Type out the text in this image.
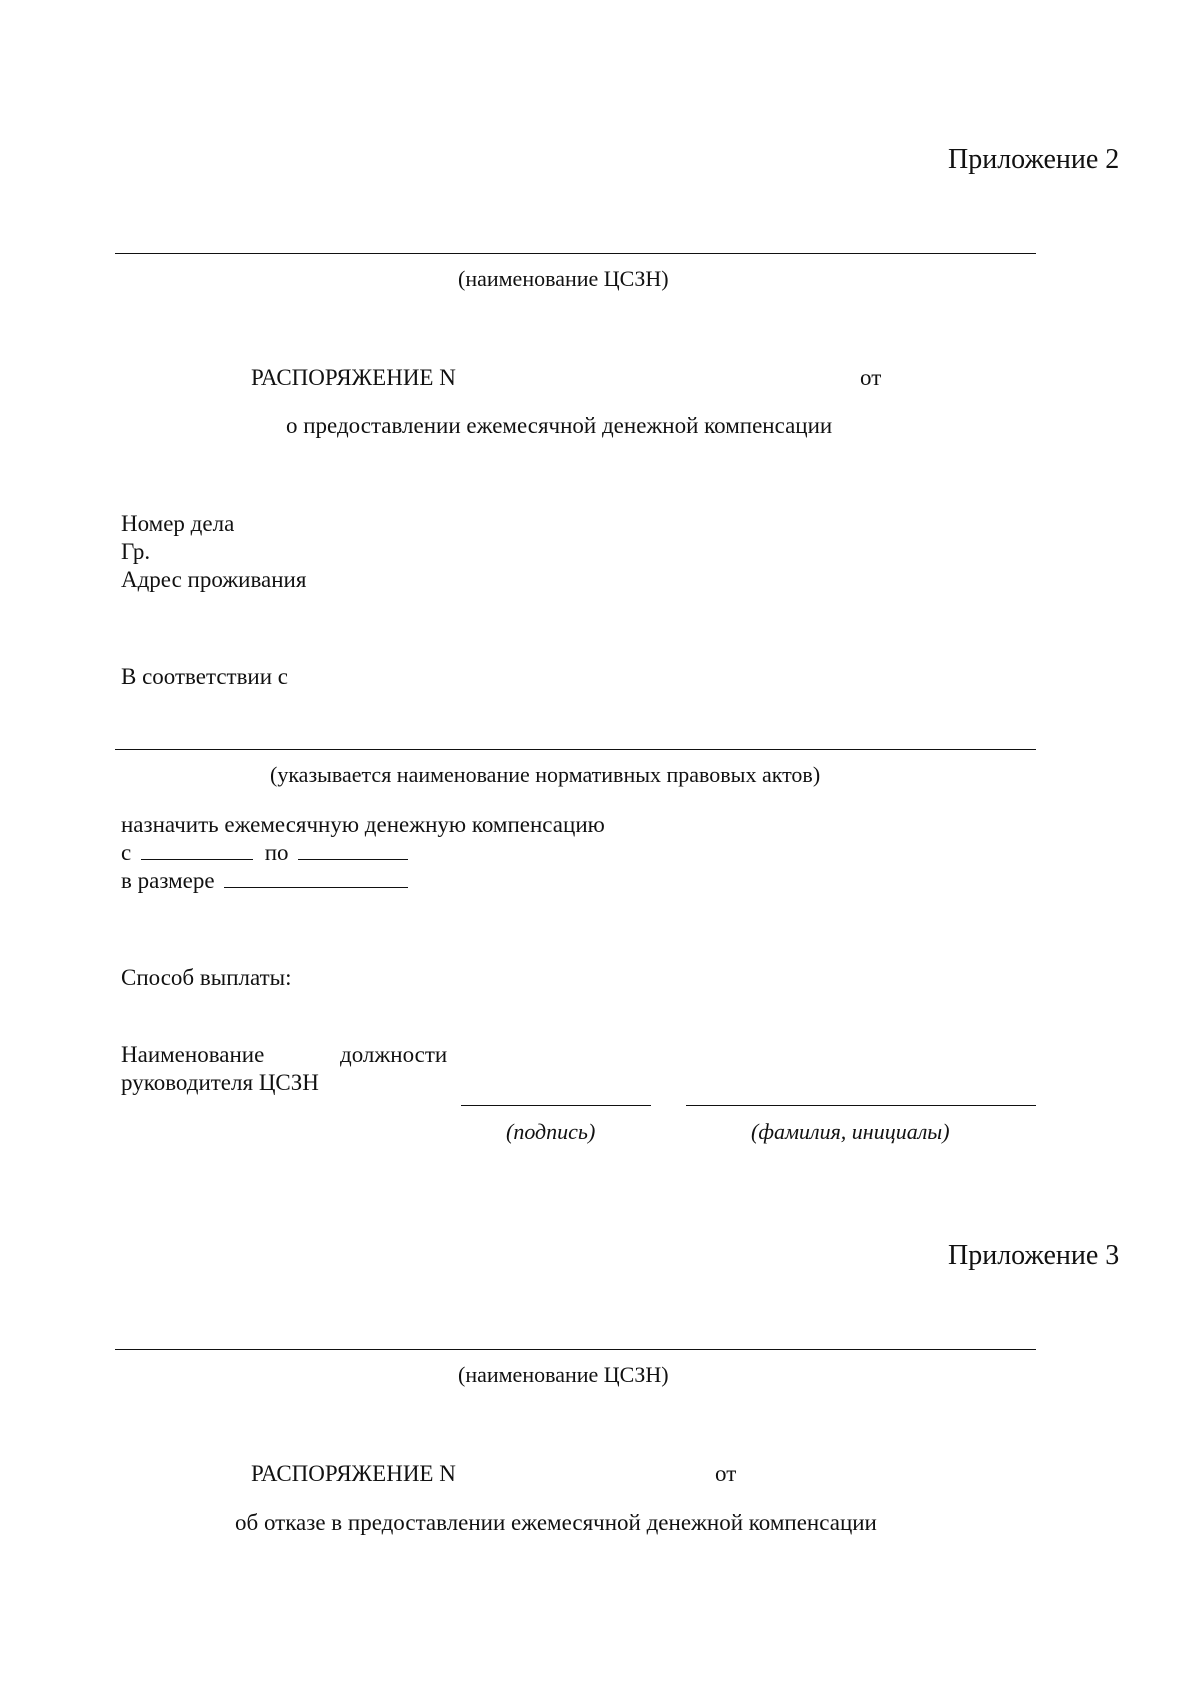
Приложение 2
(наименование ЦСЗН)
РАСПОРЯЖЕНИЕ N	от
о предоставлении ежемесячной денежной компенсации
Номер дела
Гр.
Адрес проживания
В соответствии с
(указывается наименование нормативных правовых актов)
назначить ежемесячную денежную компенсацию
с	по
в размере
Способ выплаты:
Наименование	должности
руководителя ЦСЗН
(подпись)	(фамилия, инициалы)
Приложение 3
(наименование ЦСЗН)
РАСПОРЯЖЕНИЕ N	от
об отказе в предоставлении ежемесячной денежной компенсации
